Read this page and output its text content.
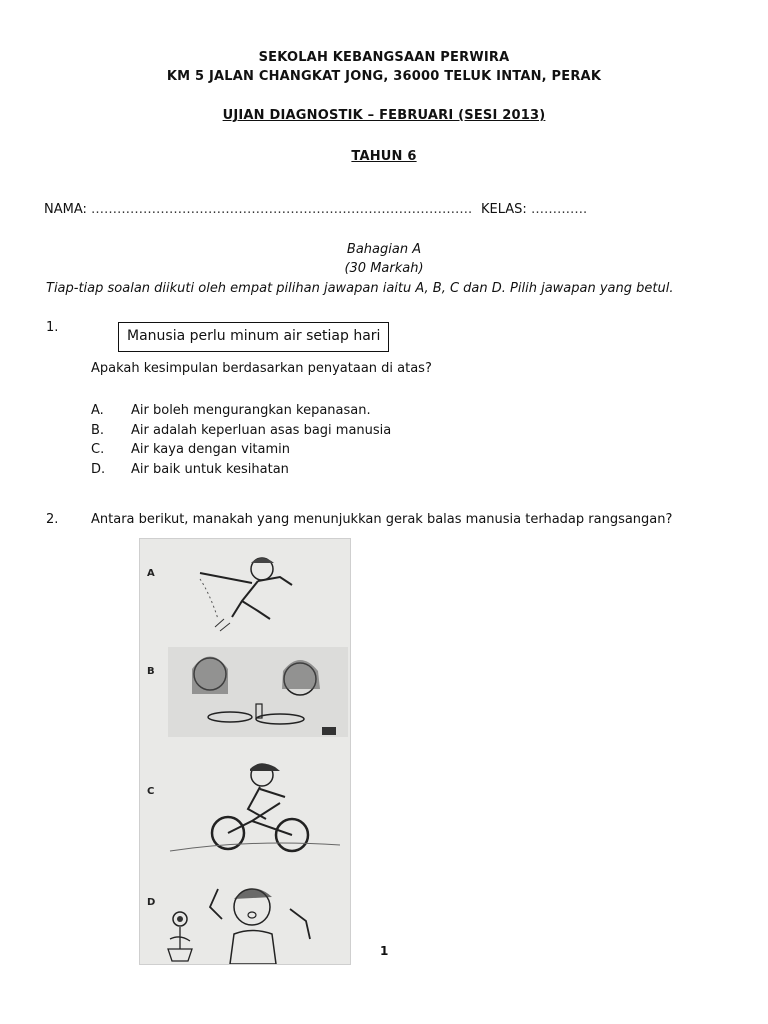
SEKOLAH KEBANGSAAN PERWIRA
KM 5 JALAN CHANGKAT JONG, 36000 TELUK INTAN, PERAK
UJIAN DIAGNOSTIK – FEBRUARI (SESI 2013)
TAHUN 6
NAMA: ……………………………………………………………………………. KELAS: ………….
Bahagian A
(30 Markah)
Tiap-tiap soalan diikuti oleh empat pilihan jawapan iaitu A, B, C dan D. Pilih jawapan yang betul.
1.
Manusia perlu minum air setiap hari
Apakah kesimpulan berdasarkan penyataan di atas?
A. Air boleh mengurangkan kepanasan.
B. Air adalah keperluan asas bagi manusia
C. Air kaya dengan vitamin
D. Air baik untuk kesihatan
2.	Antara berikut, manakah yang menunjukkan gerak balas manusia terhadap rangsangan?
A
B
C
D
1
